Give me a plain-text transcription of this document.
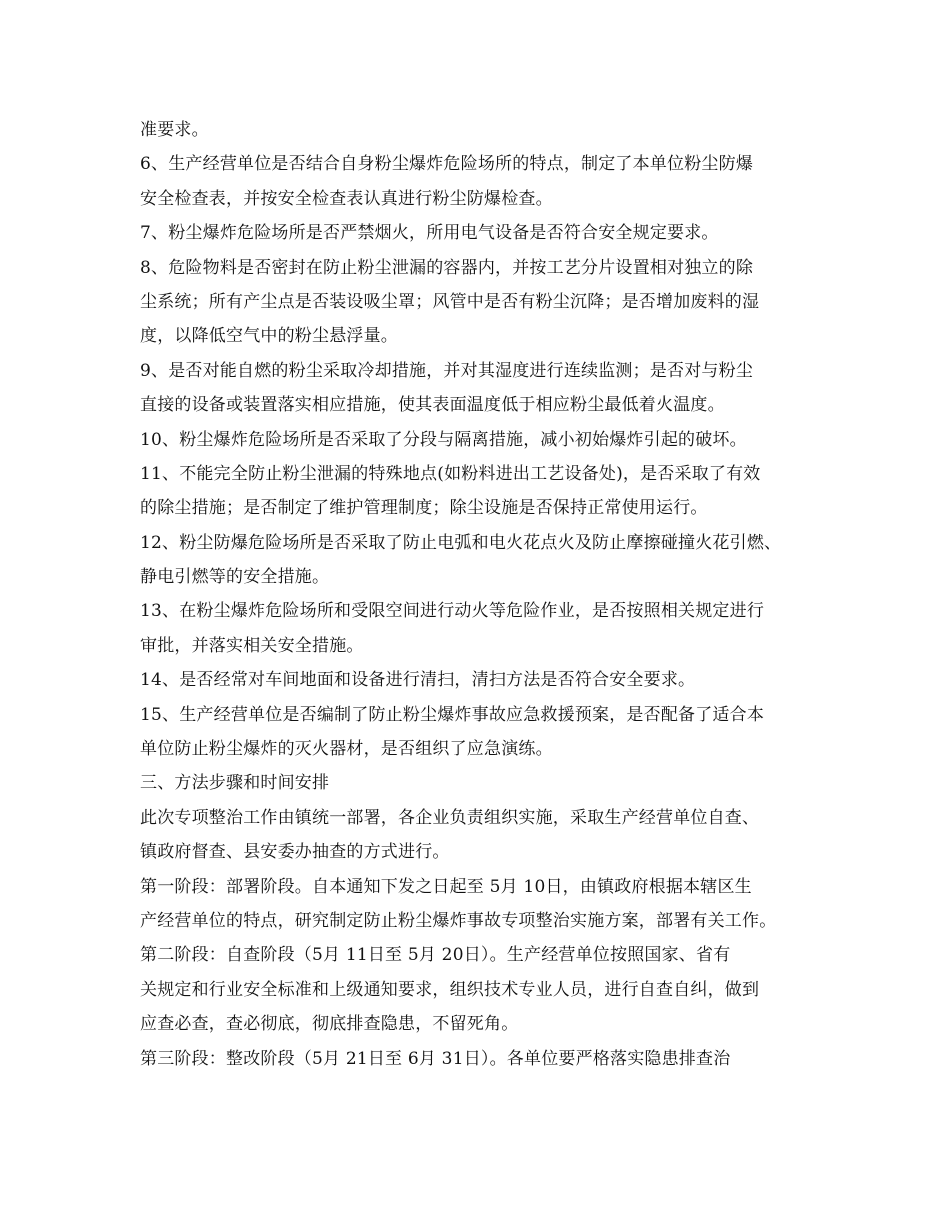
准要求。
6、生产经营单位是否结合自身粉尘爆炸危险场所的特点，制定了本单位粉尘防爆
安全检查表，并按安全检查表认真进行粉尘防爆检查。
7、粉尘爆炸危险场所是否严禁烟火，所用电气设备是否符合安全规定要求。
8、危险物料是否密封在防止粉尘泄漏的容器内，并按工艺分片设置相对独立的除
尘系统；所有产尘点是否装设吸尘罩；风管中是否有粉尘沉降；是否增加废料的湿
度，以降低空气中的粉尘悬浮量。
9、是否对能自燃的粉尘采取冷却措施，并对其湿度进行连续监测；是否对与粉尘
直接的设备或装置落实相应措施，使其表面温度低于相应粉尘最低着火温度。
10、粉尘爆炸危险场所是否采取了分段与隔离措施，减小初始爆炸引起的破坏。
11、不能完全防止粉尘泄漏的特殊地点(如粉料进出工艺设备处)，是否采取了有效
的除尘措施；是否制定了维护管理制度；除尘设施是否保持正常使用运行。
12、粉尘防爆危险场所是否采取了防止电弧和电火花点火及防止摩擦碰撞火花引燃、
静电引燃等的安全措施。
13、在粉尘爆炸危险场所和受限空间进行动火等危险作业，是否按照相关规定进行
审批，并落实相关安全措施。
14、是否经常对车间地面和设备进行清扫，清扫方法是否符合安全要求。
15、生产经营单位是否编制了防止粉尘爆炸事故应急救援预案，是否配备了适合本
单位防止粉尘爆炸的灭火器材，是否组织了应急演练。
三、方法步骤和时间安排
此次专项整治工作由镇统一部署，各企业负责组织实施，采取生产经营单位自查、
镇政府督查、县安委办抽查的方式进行。
第一阶段：部署阶段。自本通知下发之日起至 5月 10日，由镇政府根据本辖区生
产经营单位的特点，研究制定防止粉尘爆炸事故专项整治实施方案，部署有关工作。
第二阶段：自查阶段（5月 11日至 5月 20日）。生产经营单位按照国家、省有
关规定和行业安全标准和上级通知要求，组织技术专业人员，进行自查自纠，做到
应查必查，查必彻底，彻底排查隐患，不留死角。
第三阶段：整改阶段（5月 21日至 6月 31日）。各单位要严格落实隐患排查治
